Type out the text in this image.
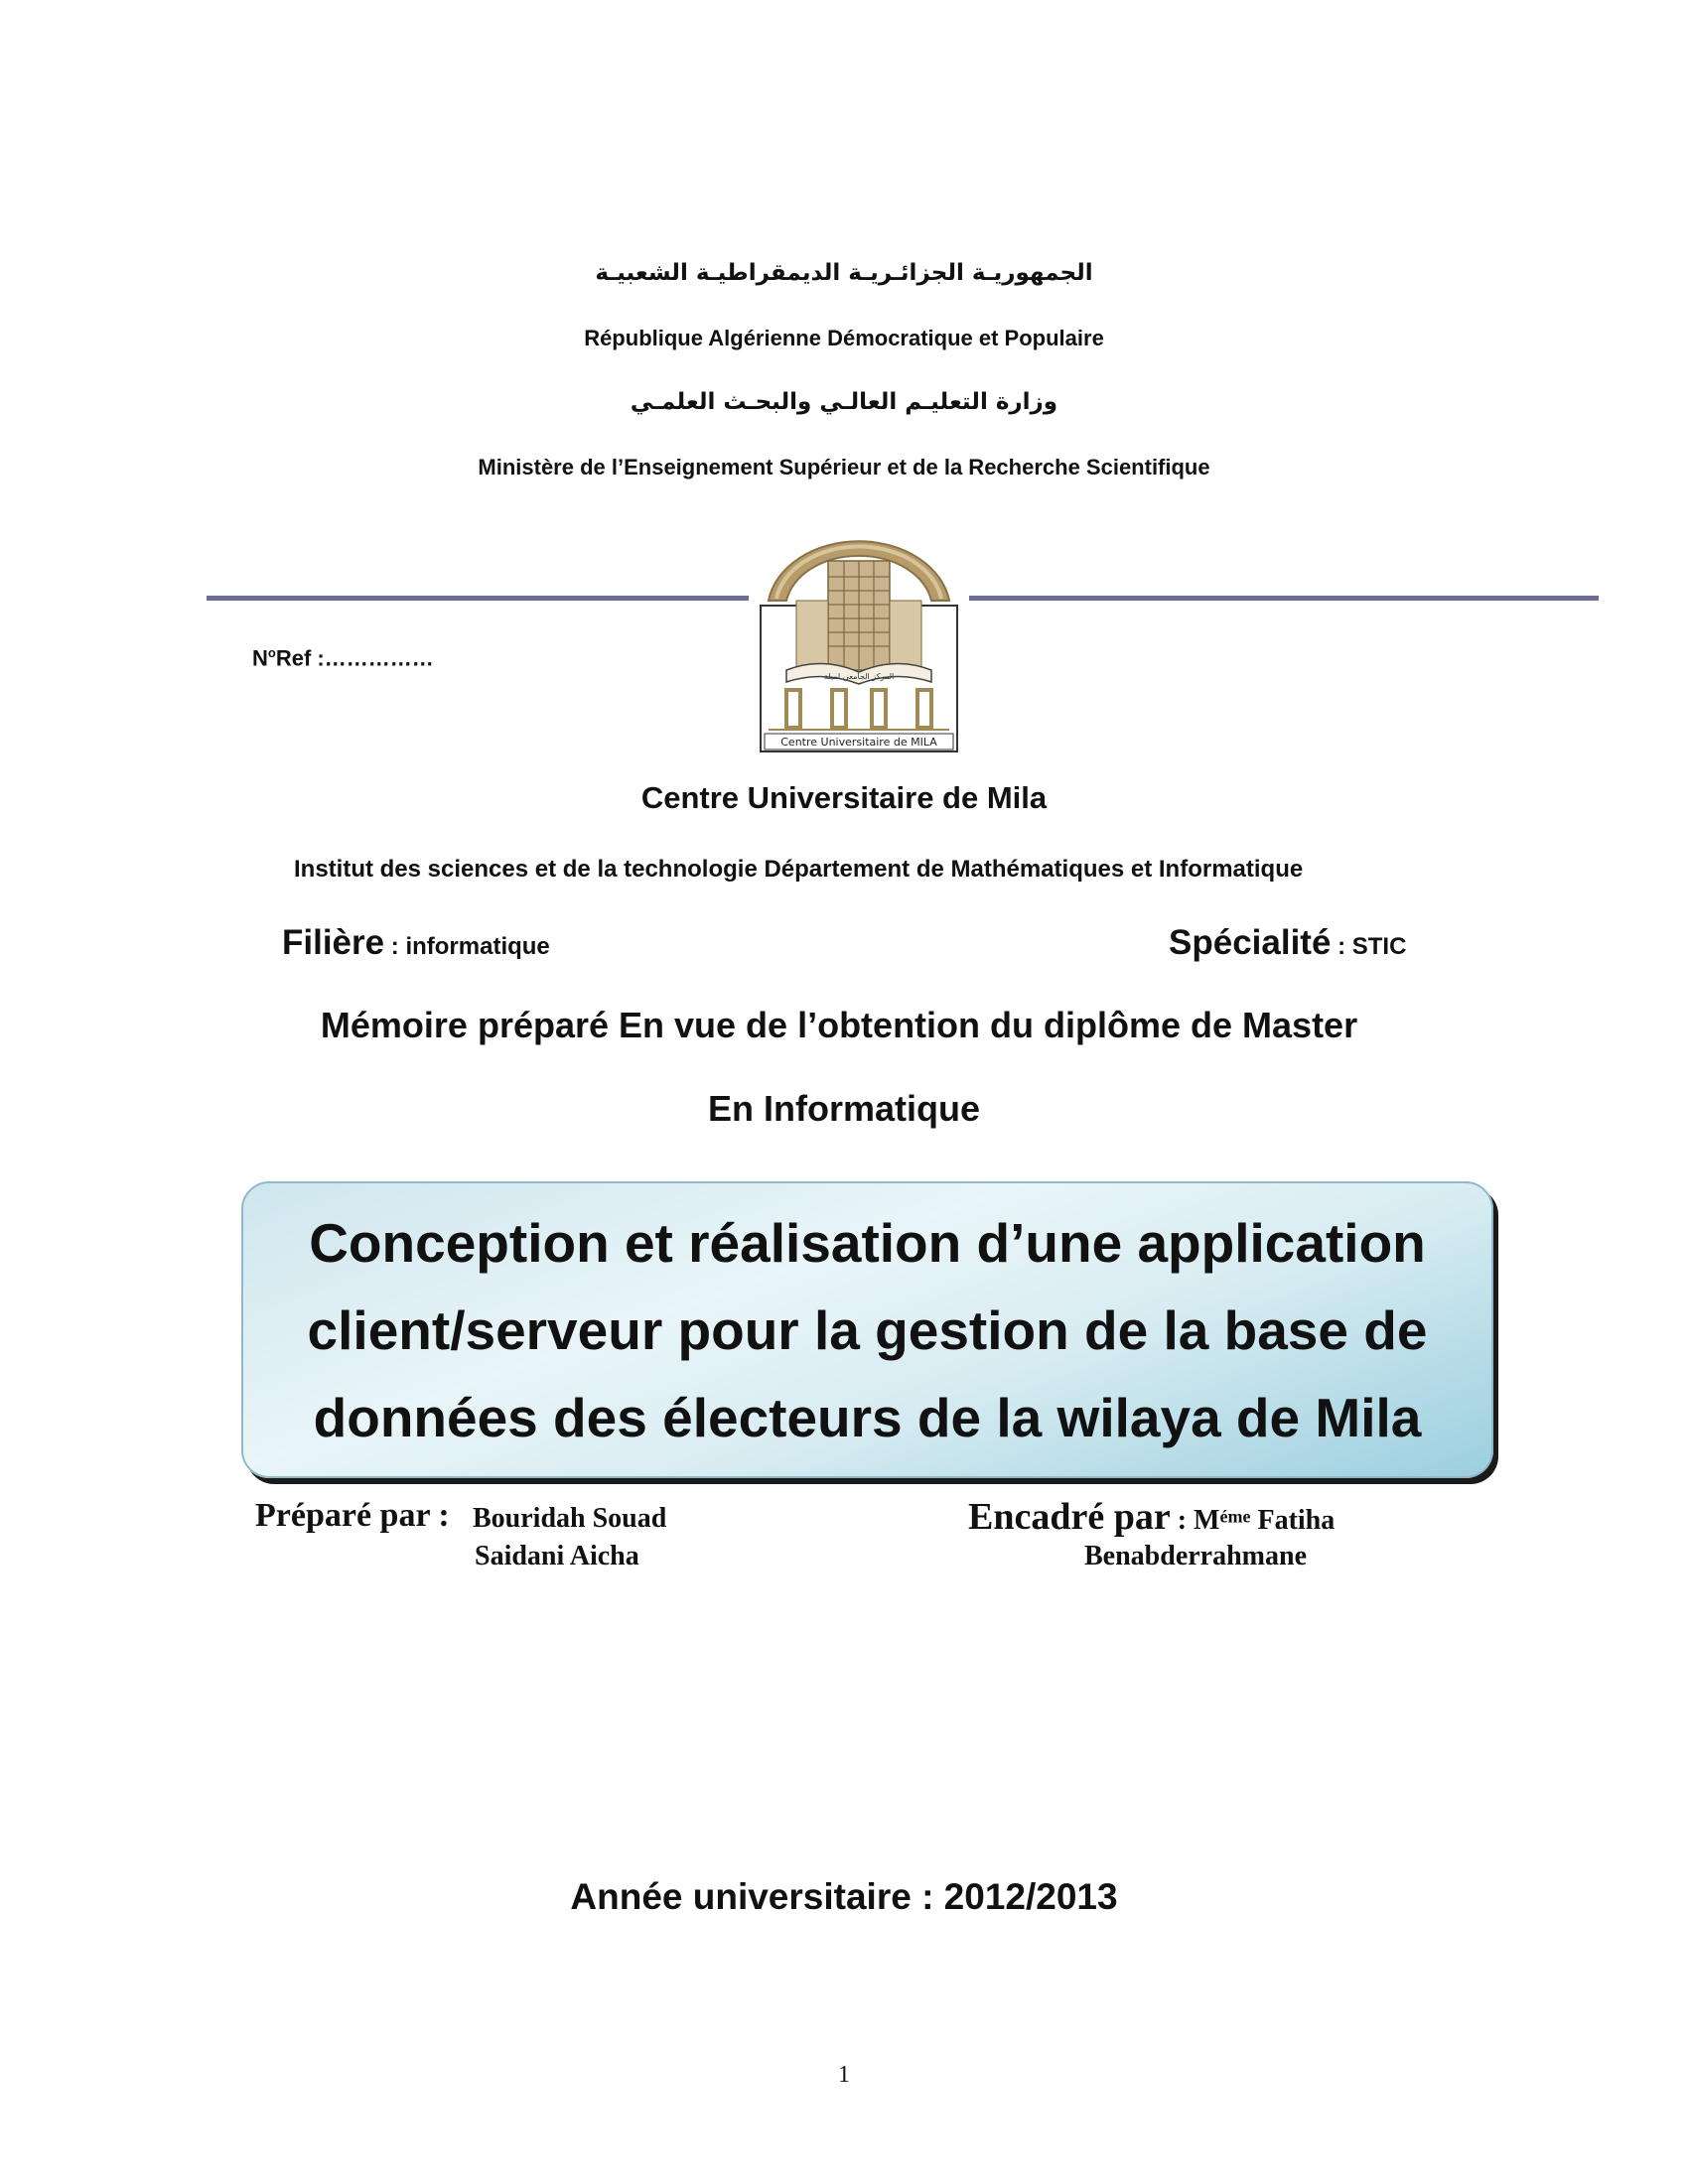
الجمهوريـة الجزائـريـة الديمقراطيـة الشعبيـة
République Algérienne Démocratique et Populaire
وزارة التعليـم العالـي والبحـث العلمـي
Ministère de l’Enseignement Supérieur et de la Recherche Scientifique
المركز الجامعي لميلة
Centre Universitaire de MILA
$N^oRef$ :……………
Centre Universitaire de Mila
Institut des sciences et de la technologie Département de Mathématiques et Informatique
Filière : informatique	Spécialité : STIC
Mémoire préparé En vue de l’obtention du diplôme de Master
En Informatique
Conception et réalisation d’une application
client/serveur pour la gestion de la base de
données des électeurs de la wilaya de Mila
Préparé par : Bouridah Souad
Saidani Aicha
Encadré par : $M^{éme}$ Fatiha
Benabderrahmane
Année universitaire : 2012/2013
1
